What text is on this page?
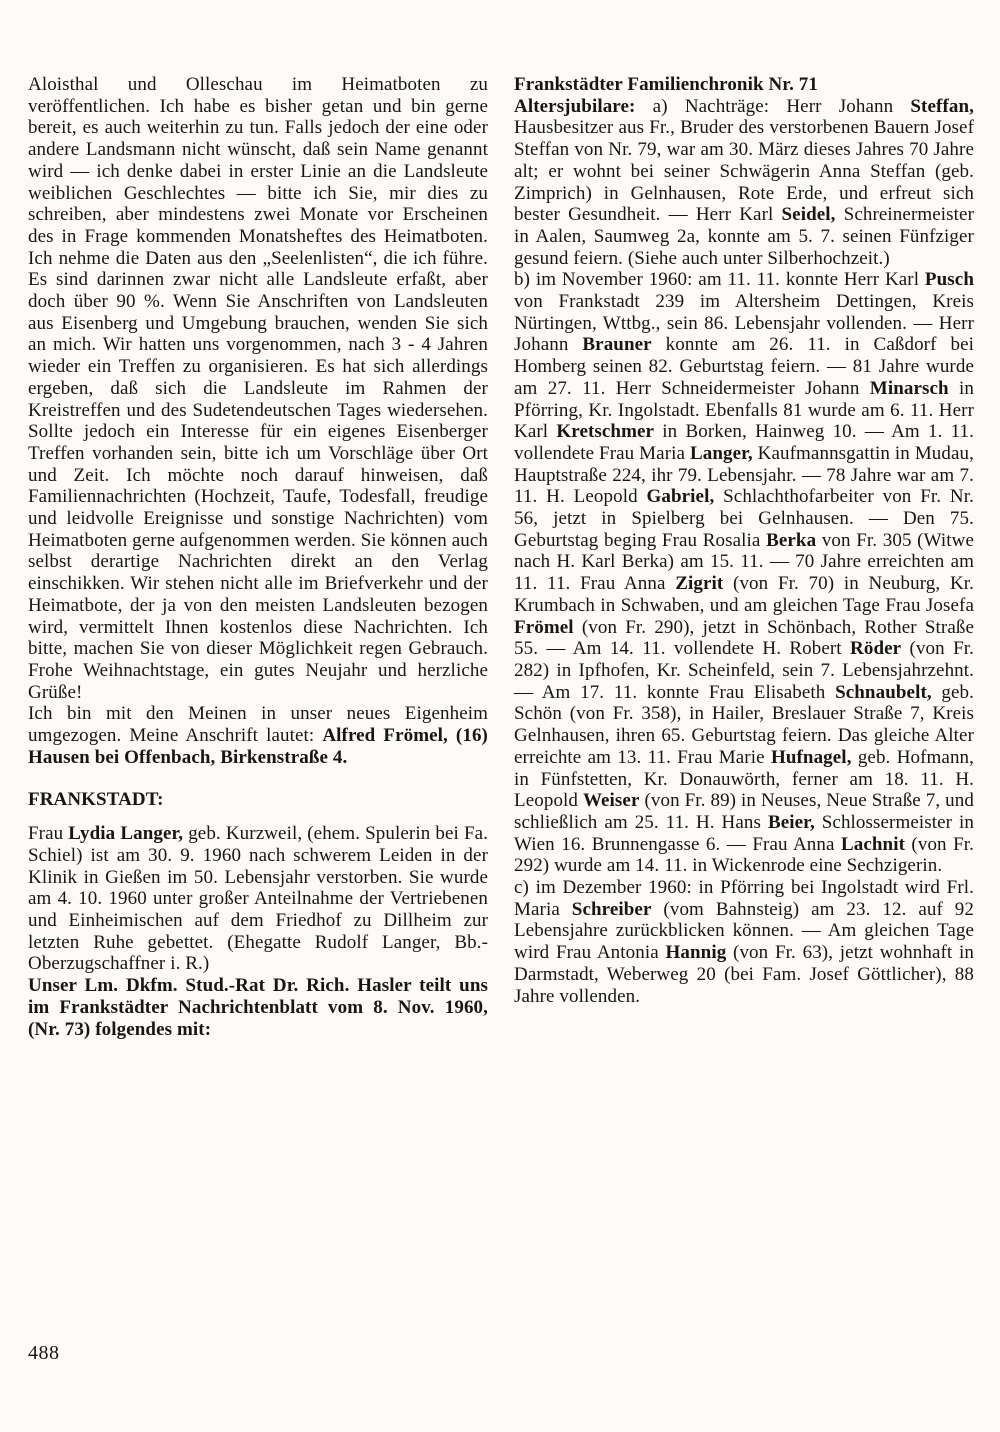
Aloisthal und Olleschau im Heimatboten zu veröffentlichen. Ich habe es bisher getan und bin gerne bereit, es auch weiterhin zu tun. Falls jedoch der eine oder andere Landsmann nicht wünscht, daß sein Name genannt wird — ich denke dabei in erster Linie an die Landsleute weiblichen Geschlechtes — bitte ich Sie, mir dies zu schreiben, aber mindestens zwei Monate vor Erscheinen des in Frage kommenden Monatsheftes des Heimatboten. Ich nehme die Daten aus den „Seelenlisten“, die ich führe. Es sind darinnen zwar nicht alle Landsleute erfaßt, aber doch über 90 %. Wenn Sie Anschriften von Landsleuten aus Eisenberg und Umgebung brauchen, wenden Sie sich an mich. Wir hatten uns vorgenommen, nach 3 - 4 Jahren wieder ein Treffen zu organisieren. Es hat sich allerdings ergeben, daß sich die Landsleute im Rahmen der Kreistreffen und des Sudetendeutschen Tages wiedersehen. Sollte jedoch ein Interesse für ein eigenes Eisenberger Treffen vorhanden sein, bitte ich um Vorschläge über Ort und Zeit. Ich möchte noch darauf hinweisen, daß Familiennachrichten (Hochzeit, Taufe, Todesfall, freudige und leidvolle Ereignisse und sonstige Nachrichten) vom Heimatboten gerne aufgenommen werden. Sie können auch selbst derartige Nachrichten direkt an den Verlag einschikken. Wir stehen nicht alle im Briefverkehr und der Heimatbote, der ja von den meisten Landsleuten bezogen wird, vermittelt Ihnen kostenlos diese Nachrichten. Ich bitte, machen Sie von dieser Möglichkeit regen Gebrauch. Frohe Weihnachtstage, ein gutes Neujahr und herzliche Grüße!

Ich bin mit den Meinen in unser neues Eigenheim umgezogen. Meine Anschrift lautet: Alfred Frömel, (16) Hausen bei Offenbach, Birkenstraße 4.

FRANKSTADT:

Frau Lydia Langer, geb. Kurzweil, (ehem. Spulerin bei Fa. Schiel) ist am 30. 9. 1960 nach schwerem Leiden in der Klinik in Gießen im 50. Lebensjahr verstorben. Sie wurde am 4. 10. 1960 unter großer Anteilnahme der Vertriebenen und Einheimischen auf dem Friedhof zu Dillheim zur letzten Ruhe gebettet. (Ehegatte Rudolf Langer, Bb.-Oberzugschaffner i. R.)

Unser Lm. Dkfm. Stud.-Rat Dr. Rich. Hasler teilt uns im Frankstädter Nachrichtenblatt vom 8. Nov. 1960, (Nr. 73) folgendes mit:

Frankstädter Familienchronik Nr. 71

Altersjubilare: a) Nachträge: Herr Johann Steffan, Hausbesitzer aus Fr., Bruder des verstorbenen Bauern Josef Steffan von Nr. 79, war am 30. März dieses Jahres 70 Jahre alt; er wohnt bei seiner Schwägerin Anna Steffan (geb. Zimprich) in Gelnhausen, Rote Erde, und erfreut sich bester Gesundheit. — Herr Karl Seidel, Schreinermeister in Aalen, Saumweg 2a, konnte am 5. 7. seinen Fünfziger gesund feiern. (Siehe auch unter Silberhochzeit.)

b) im November 1960: am 11. 11. konnte Herr Karl Pusch von Frankstadt 239 im Altersheim Dettingen, Kreis Nürtingen, Wttbg., sein 86. Lebensjahr vollenden. — Herr Johann Brauner konnte am 26. 11. in Caßdorf bei Homberg seinen 82. Geburtstag feiern. — 81 Jahre wurde am 27. 11. Herr Schneidermeister Johann Minarsch in Pförring, Kr. Ingolstadt. Ebenfalls 81 wurde am 6. 11. Herr Karl Kretschmer in Borken, Hainweg 10. — Am 1. 11. vollendete Frau Maria Langer, Kaufmannsgattin in Mudau, Hauptstraße 224, ihr 79. Lebensjahr. — 78 Jahre war am 7. 11. H. Leopold Gabriel, Schlachthofarbeiter von Fr. Nr. 56, jetzt in Spielberg bei Gelnhausen. — Den 75. Geburtstag beging Frau Rosalia Berka von Fr. 305 (Witwe nach H. Karl Berka) am 15. 11. — 70 Jahre erreichten am 11. 11. Frau Anna Zigrit (von Fr. 70) in Neuburg, Kr. Krumbach in Schwaben, und am gleichen Tage Frau Josefa Frömel (von Fr. 290), jetzt in Schönbach, Rother Straße 55. — Am 14. 11. vollendete H. Robert Röder (von Fr. 282) in Ipfhofen, Kr. Scheinfeld, sein 7. Lebensjahrzehnt. — Am 17. 11. konnte Frau Elisabeth Schnaubelt, geb. Schön (von Fr. 358), in Hailer, Breslauer Straße 7, Kreis Gelnhausen, ihren 65. Geburtstag feiern. Das gleiche Alter erreichte am 13. 11. Frau Marie Hufnagel, geb. Hofmann, in Fünfstetten, Kr. Donauwörth, ferner am 18. 11. H. Leopold Weiser (von Fr. 89) in Neuses, Neue Straße 7, und schließlich am 25. 11. H. Hans Beier, Schlossermeister in Wien 16. Brunnengasse 6. — Frau Anna Lachnit (von Fr. 292) wurde am 14. 11. in Wickenrode eine Sechzigerin.

c) im Dezember 1960: in Pförring bei Ingolstadt wird Frl. Maria Schreiber (vom Bahnsteig) am 23. 12. auf 92 Lebensjahre zurückblicken können. — Am gleichen Tage wird Frau Antonia Hannig (von Fr. 63), jetzt wohnhaft in Darmstadt, Weberweg 20 (bei Fam. Josef Göttlicher), 88 Jahre vollenden.

488
